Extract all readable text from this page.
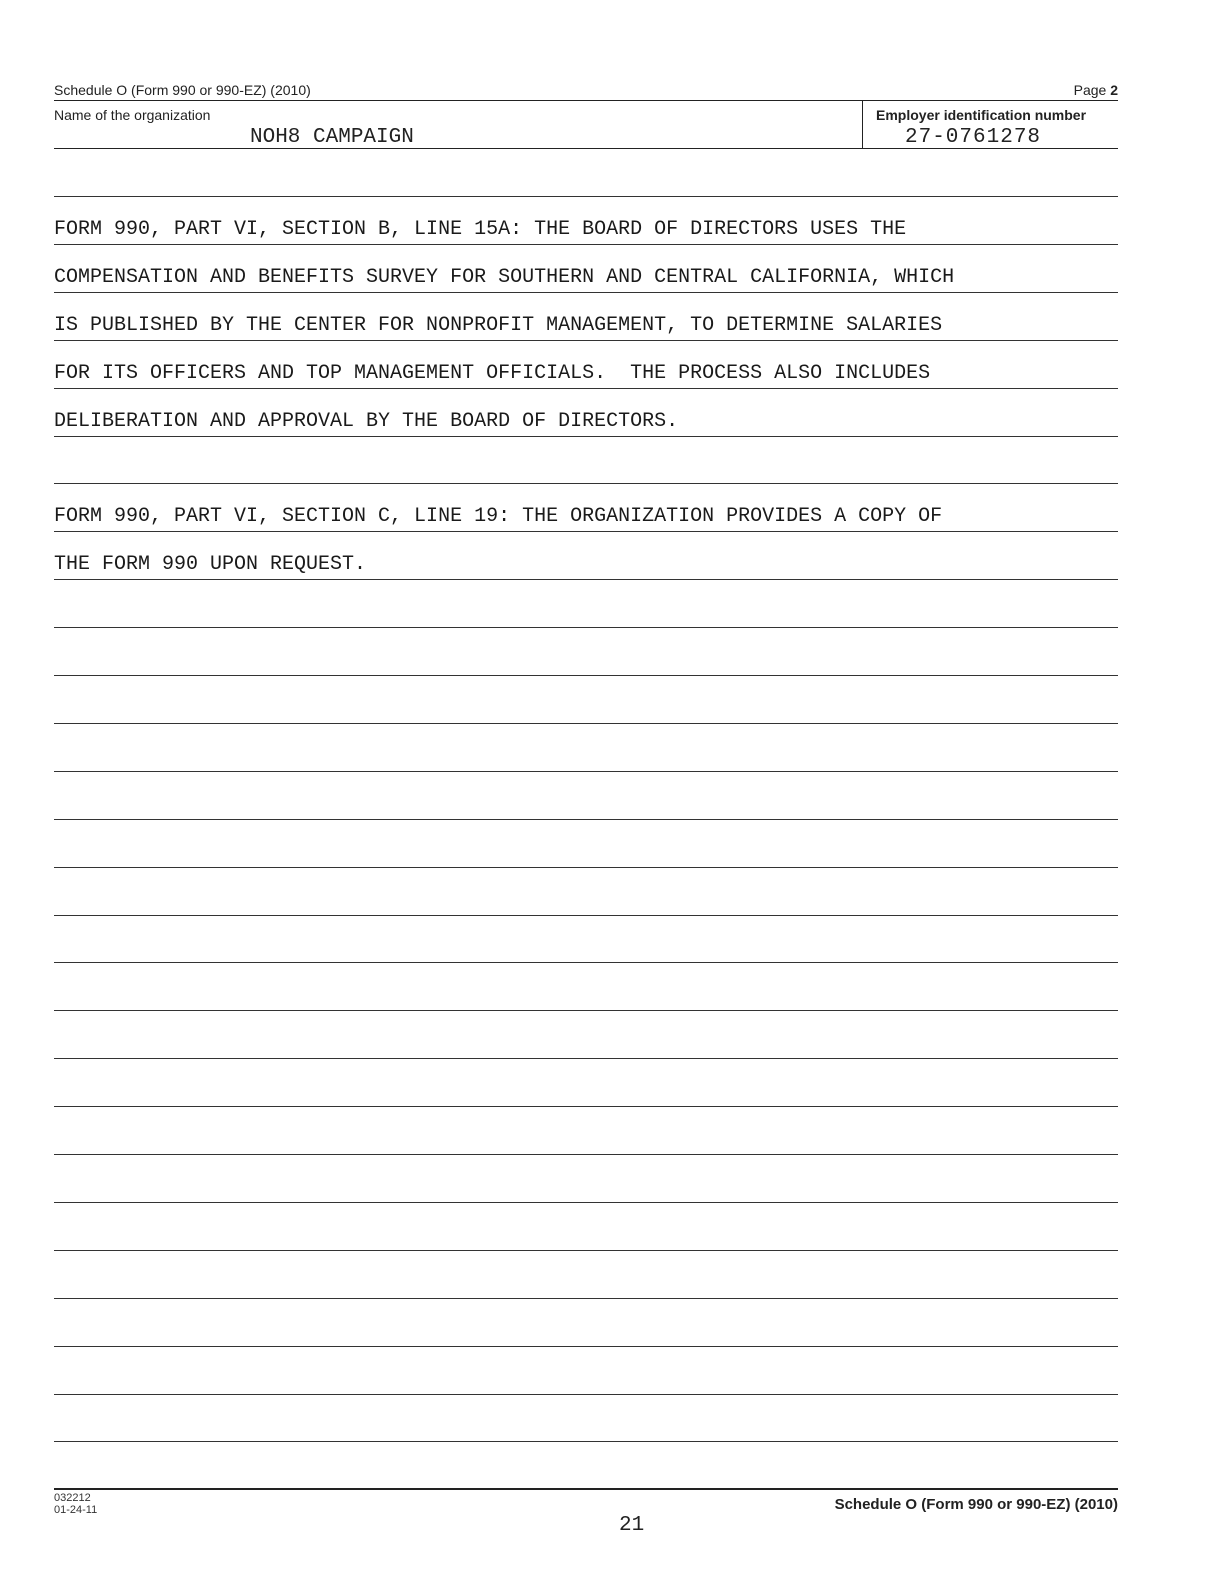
Schedule O (Form 990 or 990-EZ) (2010)	Page 2
Name of the organization
NOH8 CAMPAIGN
Employer identification number
27-0761278
FORM 990, PART VI, SECTION B, LINE 15A: THE BOARD OF DIRECTORS USES THE
COMPENSATION AND BENEFITS SURVEY FOR SOUTHERN AND CENTRAL CALIFORNIA, WHICH
IS PUBLISHED BY THE CENTER FOR NONPROFIT MANAGEMENT, TO DETERMINE SALARIES
FOR ITS OFFICERS AND TOP MANAGEMENT OFFICIALS.  THE PROCESS ALSO INCLUDES
DELIBERATION AND APPROVAL BY THE BOARD OF DIRECTORS.
FORM 990, PART VI, SECTION C, LINE 19: THE ORGANIZATION PROVIDES A COPY OF
THE FORM 990 UPON REQUEST.
032212
01-24-11	Schedule O (Form 990 or 990-EZ) (2010)
21
